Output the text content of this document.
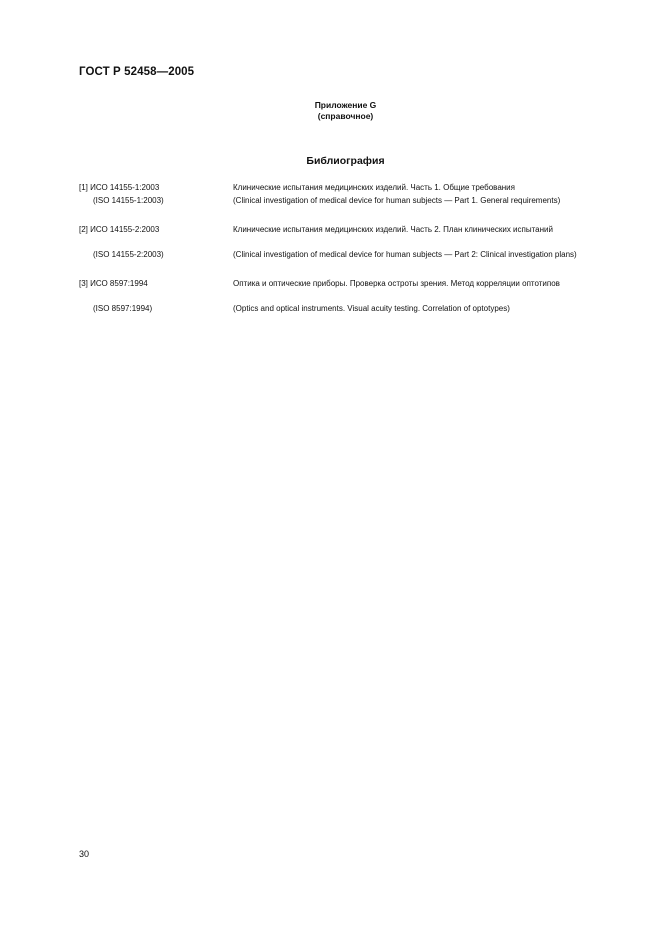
ГОСТ Р 52458—2005
Приложение G
(справочное)
Библиография
[1] ИСО 14155-1:2003	Клинические испытания медицинских изделий. Часть 1. Общие требования
(ISO 14155-1:2003)	(Clinical investigation of medical device for human subjects — Part 1. General requirements)
[2] ИСО 14155-2:2003	Клинические испытания медицинских изделий. Часть 2. План клинических испытаний
(ISO 14155-2:2003)	(Clinical investigation of medical device for human subjects — Part 2: Clinical investigation plans)
[3] ИСО 8597:1994	Оптика и оптические приборы. Проверка остроты зрения. Метод корреляции оптотипов
(ISO 8597:1994)	(Optics and optical instruments. Visual acuity testing. Correlation of optotypes)
30
